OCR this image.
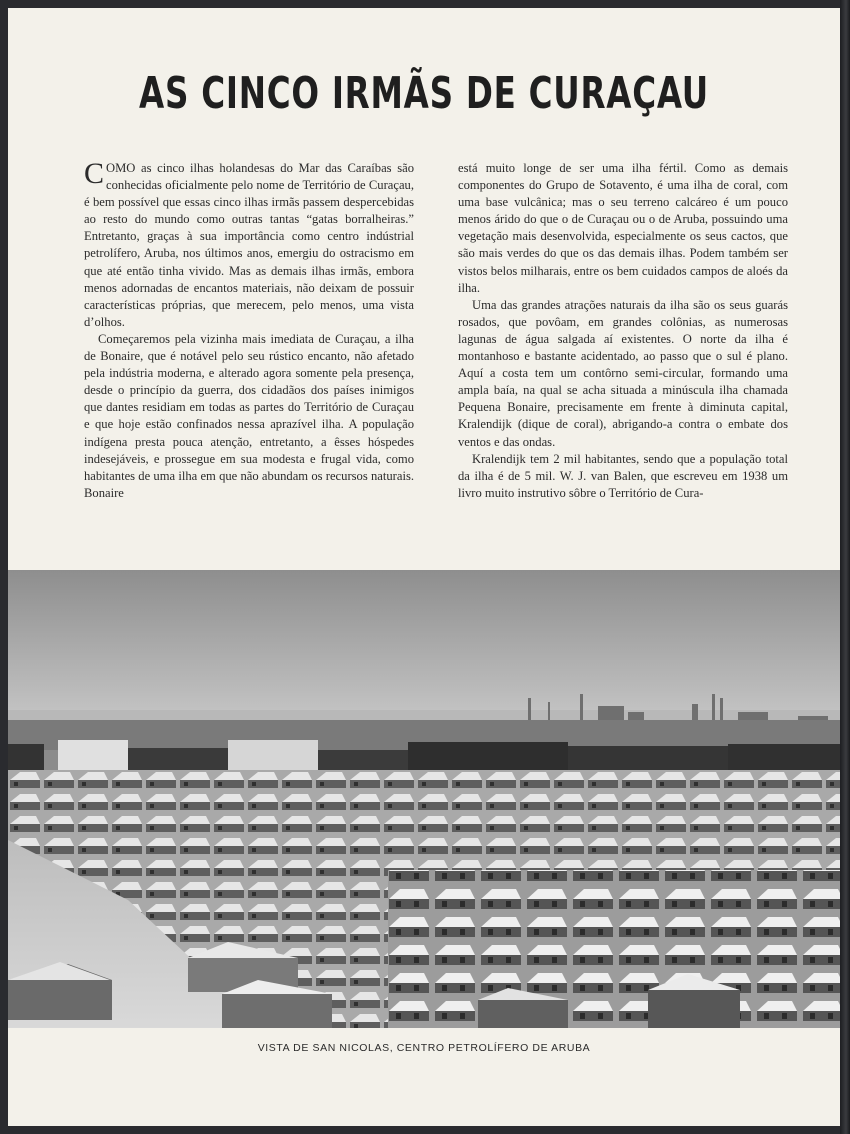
AS CINCO IRMÃS DE CURAÇAU

COMO as cinco ilhas holandesas do Mar das Caraíbas são conhecidas oficialmente pelo nome de Território de Curaçau, é bem possível que essas cinco ilhas irmãs passem despercebidas ao resto do mundo como outras tantas “gatas borralheiras.” Entretanto, graças à sua importância como centro indústrial petrolífero, Aruba, nos últimos anos, emergiu do ostracismo em que até então tinha vivido. Mas as demais ilhas irmãs, embora menos adornadas de encantos materiais, não deixam de possuir características próprias, que merecem, pelo menos, uma vista d’olhos.

Começaremos pela vizinha mais imediata de Curaçau, a ilha de Bonaire, que é notável pelo seu rústico encanto, não afetado pela indústria moderna, e alterado agora somente pela presença, desde o princípio da guerra, dos cidadãos dos países inimigos que dantes residiam em todas as partes do Território de Curaçau e que hoje estão confinados nessa aprazível ilha. A população indígena presta pouca atenção, entretanto, a êsses hóspedes indesejáveis, e prossegue em sua modesta e frugal vida, como habitantes de uma ilha em que não abundam os recursos naturais. Bonaire

está muito longe de ser uma ilha fértil. Como as demais componentes do Grupo de Sotavento, é uma ilha de coral, com uma base vulcânica; mas o seu terreno calcáreo é um pouco menos árido do que o de Curaçau ou o de Aruba, possuindo uma vegetação mais desenvolvida, especialmente os seus cactos, que são mais verdes do que os das demais ilhas. Podem também ser vistos belos milharais, entre os bem cuidados campos de aloés da ilha.

Uma das grandes atrações naturais da ilha são os seus guarás rosados, que povôam, em grandes colônias, as numerosas lagunas de água salgada aí existentes. O norte da ilha é montanhoso e bastante acidentado, ao passo que o sul é plano. Aquí a costa tem um contôrno semi-circular, formando uma ampla baía, na qual se acha situada a minúscula ilha chamada Pequena Bonaire, precisamente em frente à diminuta capital, Kralendijk (dique de coral), abrigando-a contra o embate dos ventos e das ondas.

Kralendijk tem 2 mil habitantes, sendo que a população total da ilha é de 5 mil. W. J. van Balen, que escreveu em 1938 um livro muito instrutivo sôbre o Território de Cura-

VISTA DE SAN NICOLAS, CENTRO PETROLÍFERO DE ARUBA
